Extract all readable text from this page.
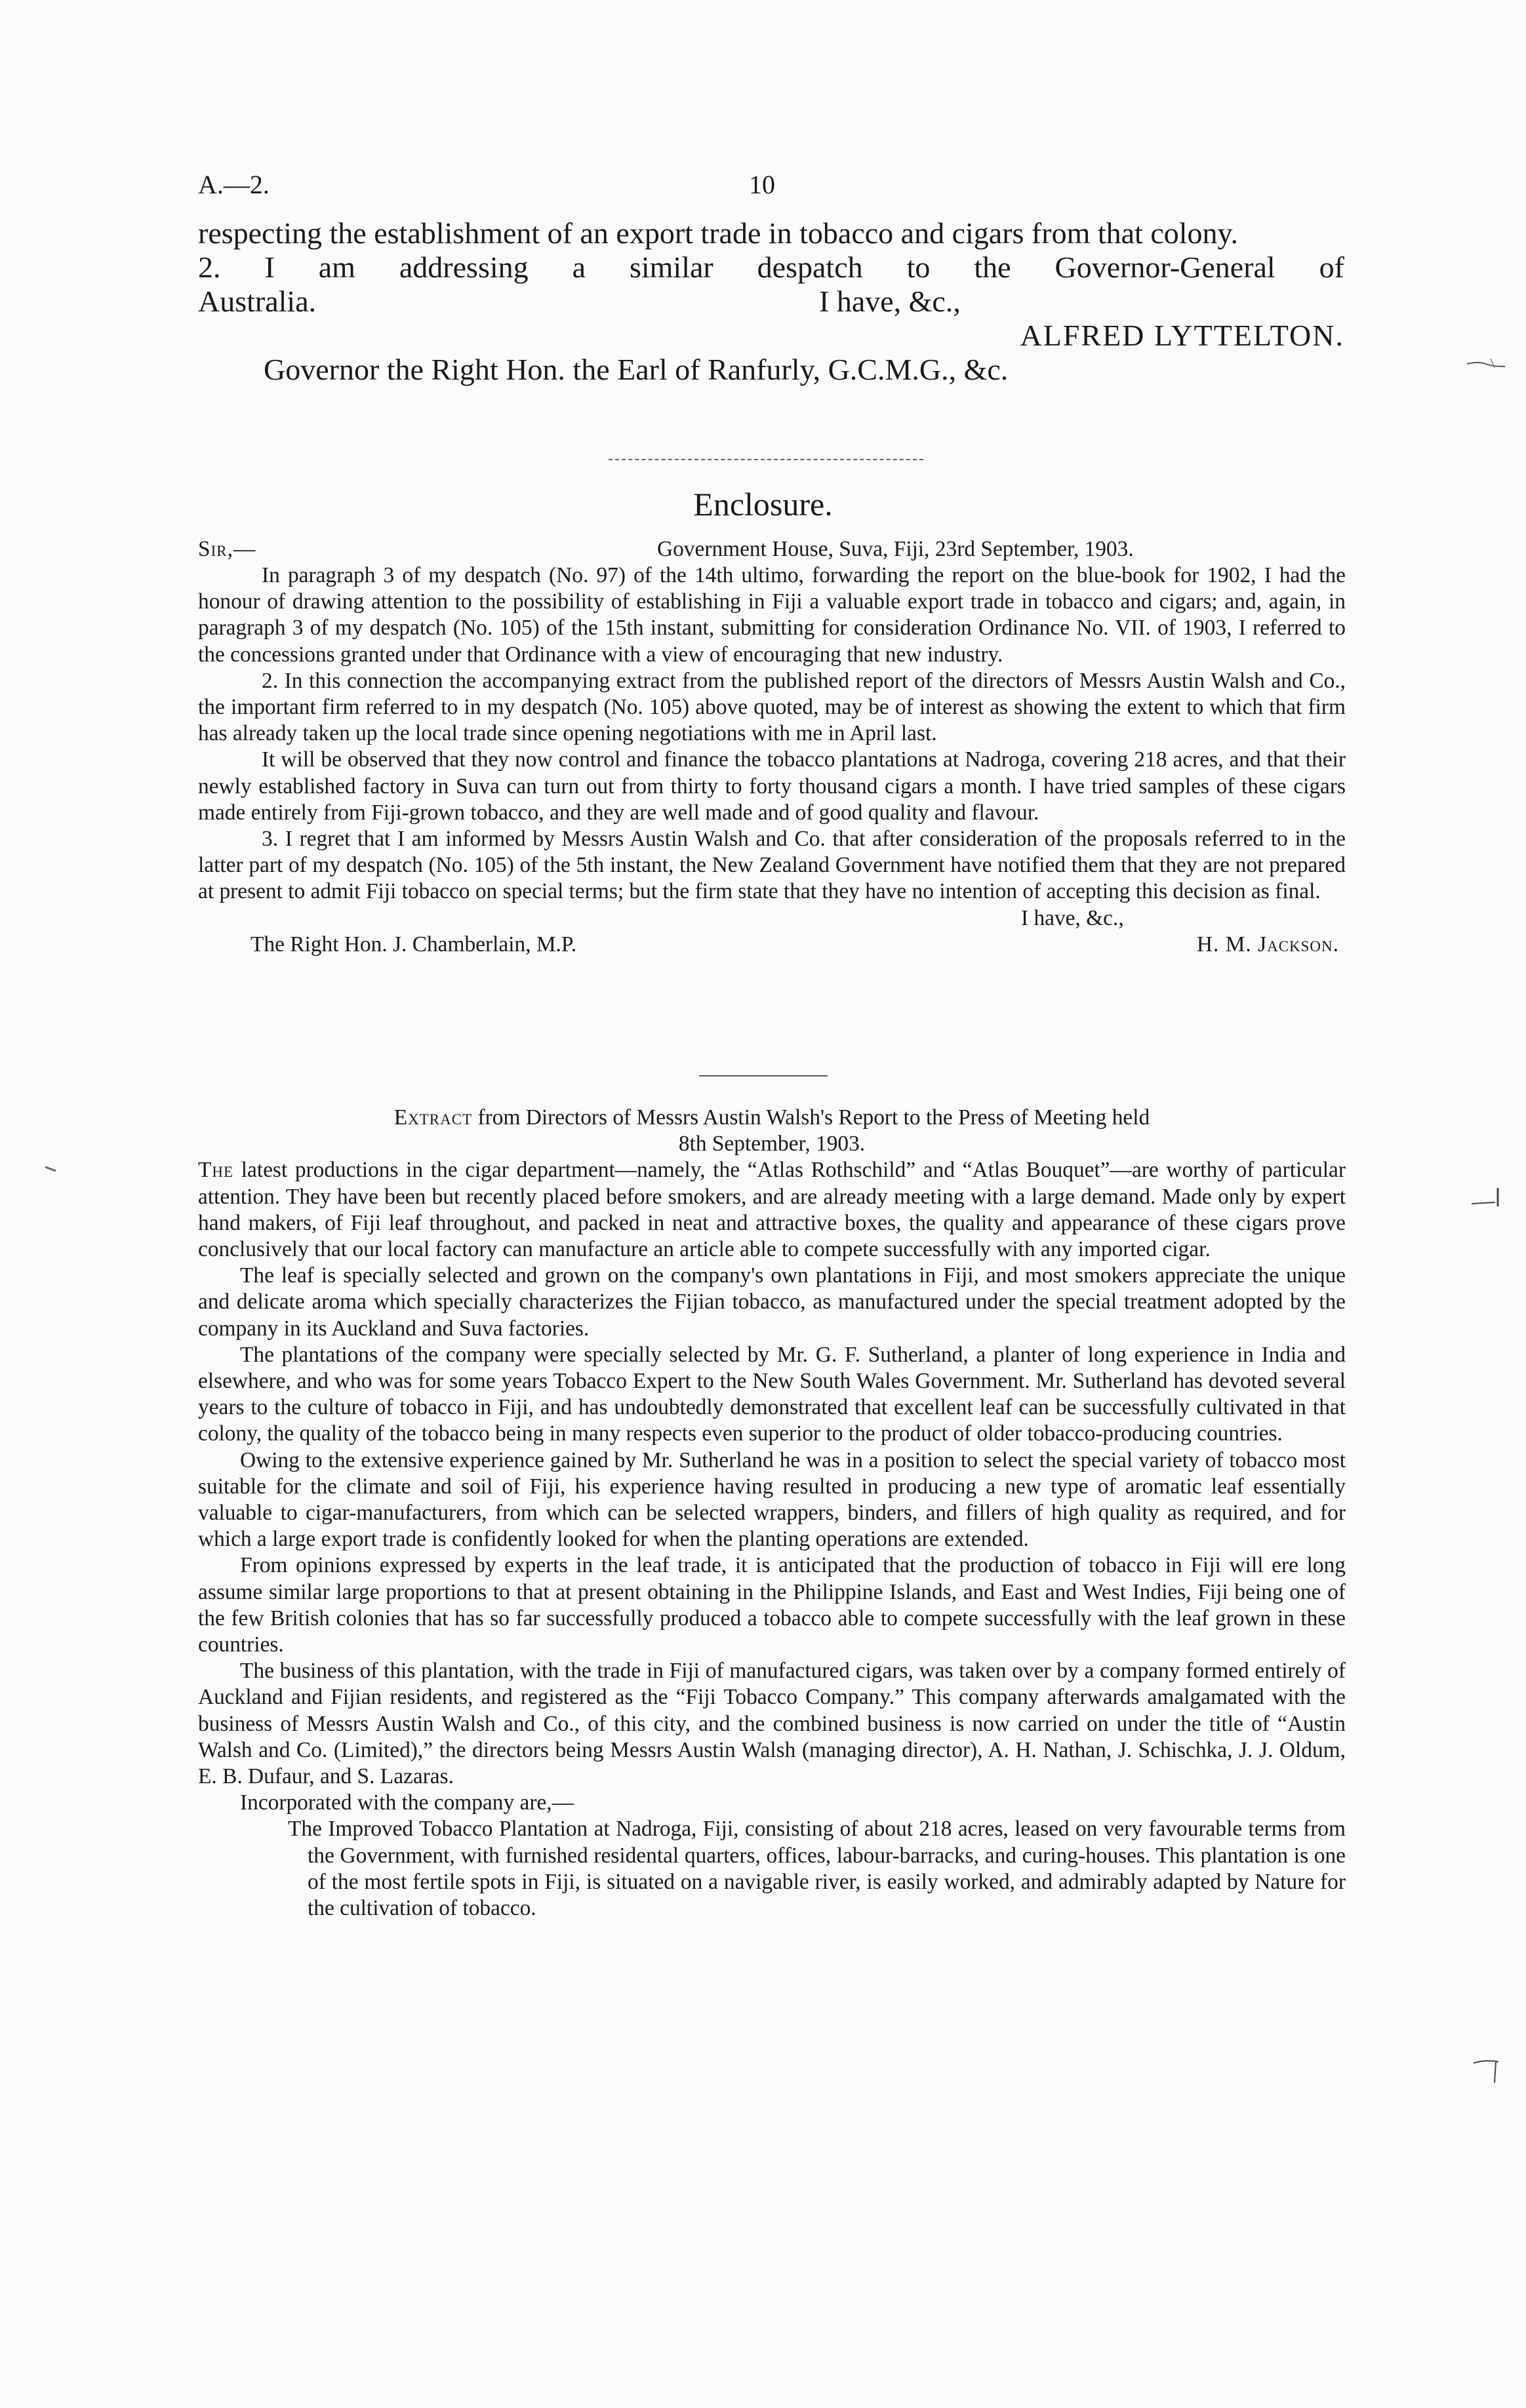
A.—2.	10

respecting the establishment of an export trade in tobacco and cigars from that colony.

2. I am addressing a similar despatch to the Governor-General of
Australia.	I have, &c.,
ALFRED LYTTELTON.
Governor the Right Hon. the Earl of Ranfurly, G.C.M.G., &c.
Enclosure.
Sir,—	Government House, Suva, Fiji, 23rd September, 1903.

In paragraph 3 of my despatch (No. 97) of the 14th ultimo, forwarding the report on the blue-book for 1902, I had the honour of drawing attention to the possibility of establishing in Fiji a valuable export trade in tobacco and cigars; and, again, in paragraph 3 of my despatch (No. 105) of the 15th instant, submitting for consideration Ordinance No. VII. of 1903, I referred to the concessions granted under that Ordinance with a view of encouraging that new industry.

2. In this connection the accompanying extract from the published report of the directors of Messrs Austin Walsh and Co., the important firm referred to in my despatch (No. 105) above quoted, may be of interest as showing the extent to which that firm has already taken up the local trade since opening negotiations with me in April last.

It will be observed that they now control and finance the tobacco plantations at Nadroga, covering 218 acres, and that their newly established factory in Suva can turn out from thirty to forty thousand cigars a month. I have tried samples of these cigars made entirely from Fiji-grown tobacco, and they are well made and of good quality and flavour.

3. I regret that I am informed by Messrs Austin Walsh and Co. that after consideration of the proposals referred to in the latter part of my despatch (No. 105) of the 5th instant, the New Zealand Government have notified them that they are not prepared at present to admit Fiji tobacco on special terms; but the firm state that they have no intention of accepting this decision as final.

I have, &c.,
The Right Hon. J. Chamberlain, M.P.	H. M. Jackson.

Extract from Directors of Messrs Austin Walsh's Report to the Press of Meeting held

8th September, 1903.

The latest productions in the cigar department—namely, the “Atlas Rothschild” and “Atlas Bouquet”—are worthy of particular attention. They have been but recently placed before smokers, and are already meeting with a large demand. Made only by expert hand makers, of Fiji leaf throughout, and packed in neat and attractive boxes, the quality and appearance of these cigars prove conclusively that our local factory can manufacture an article able to compete successfully with any imported cigar.

The leaf is specially selected and grown on the company's own plantations in Fiji, and most smokers appreciate the unique and delicate aroma which specially characterizes the Fijian tobacco, as manufactured under the special treatment adopted by the company in its Auckland and Suva factories.

The plantations of the company were specially selected by Mr. G. F. Sutherland, a planter of long experience in India and elsewhere, and who was for some years Tobacco Expert to the New South Wales Government. Mr. Sutherland has devoted several years to the culture of tobacco in Fiji, and has undoubtedly demonstrated that excellent leaf can be successfully cultivated in that colony, the quality of the tobacco being in many respects even superior to the product of older tobacco-producing countries.

Owing to the extensive experience gained by Mr. Sutherland he was in a position to select the special variety of tobacco most suitable for the climate and soil of Fiji, his experience having resulted in producing a new type of aromatic leaf essentially valuable to cigar-manufacturers, from which can be selected wrappers, binders, and fillers of high quality as required, and for which a large export trade is confidently looked for when the planting operations are extended.

From opinions expressed by experts in the leaf trade, it is anticipated that the production of tobacco in Fiji will ere long assume similar large proportions to that at present obtaining in the Philippine Islands, and East and West Indies, Fiji being one of the few British colonies that has so far successfully produced a tobacco able to compete successfully with the leaf grown in these countries.

The business of this plantation, with the trade in Fiji of manufactured cigars, was taken over by a company formed entirely of Auckland and Fijian residents, and registered as the “Fiji Tobacco Company.” This company afterwards amalgamated with the business of Messrs Austin Walsh and Co., of this city, and the combined business is now carried on under the title of “Austin Walsh and Co. (Limited),” the directors being Messrs Austin Walsh (managing director), A. H. Nathan, J. Schischka, J. J. Oldum, E. B. Dufaur, and S. Lazaras.

Incorporated with the company are,—

The Improved Tobacco Plantation at Nadroga, Fiji, consisting of about 218 acres, leased on very favourable terms from the Government, with furnished residental quarters, offices, labour-barracks, and curing-houses. This plantation is one of the most fertile spots in Fiji, is situated on a navigable river, is easily worked, and admirably adapted by Nature for the cultivation of tobacco.
